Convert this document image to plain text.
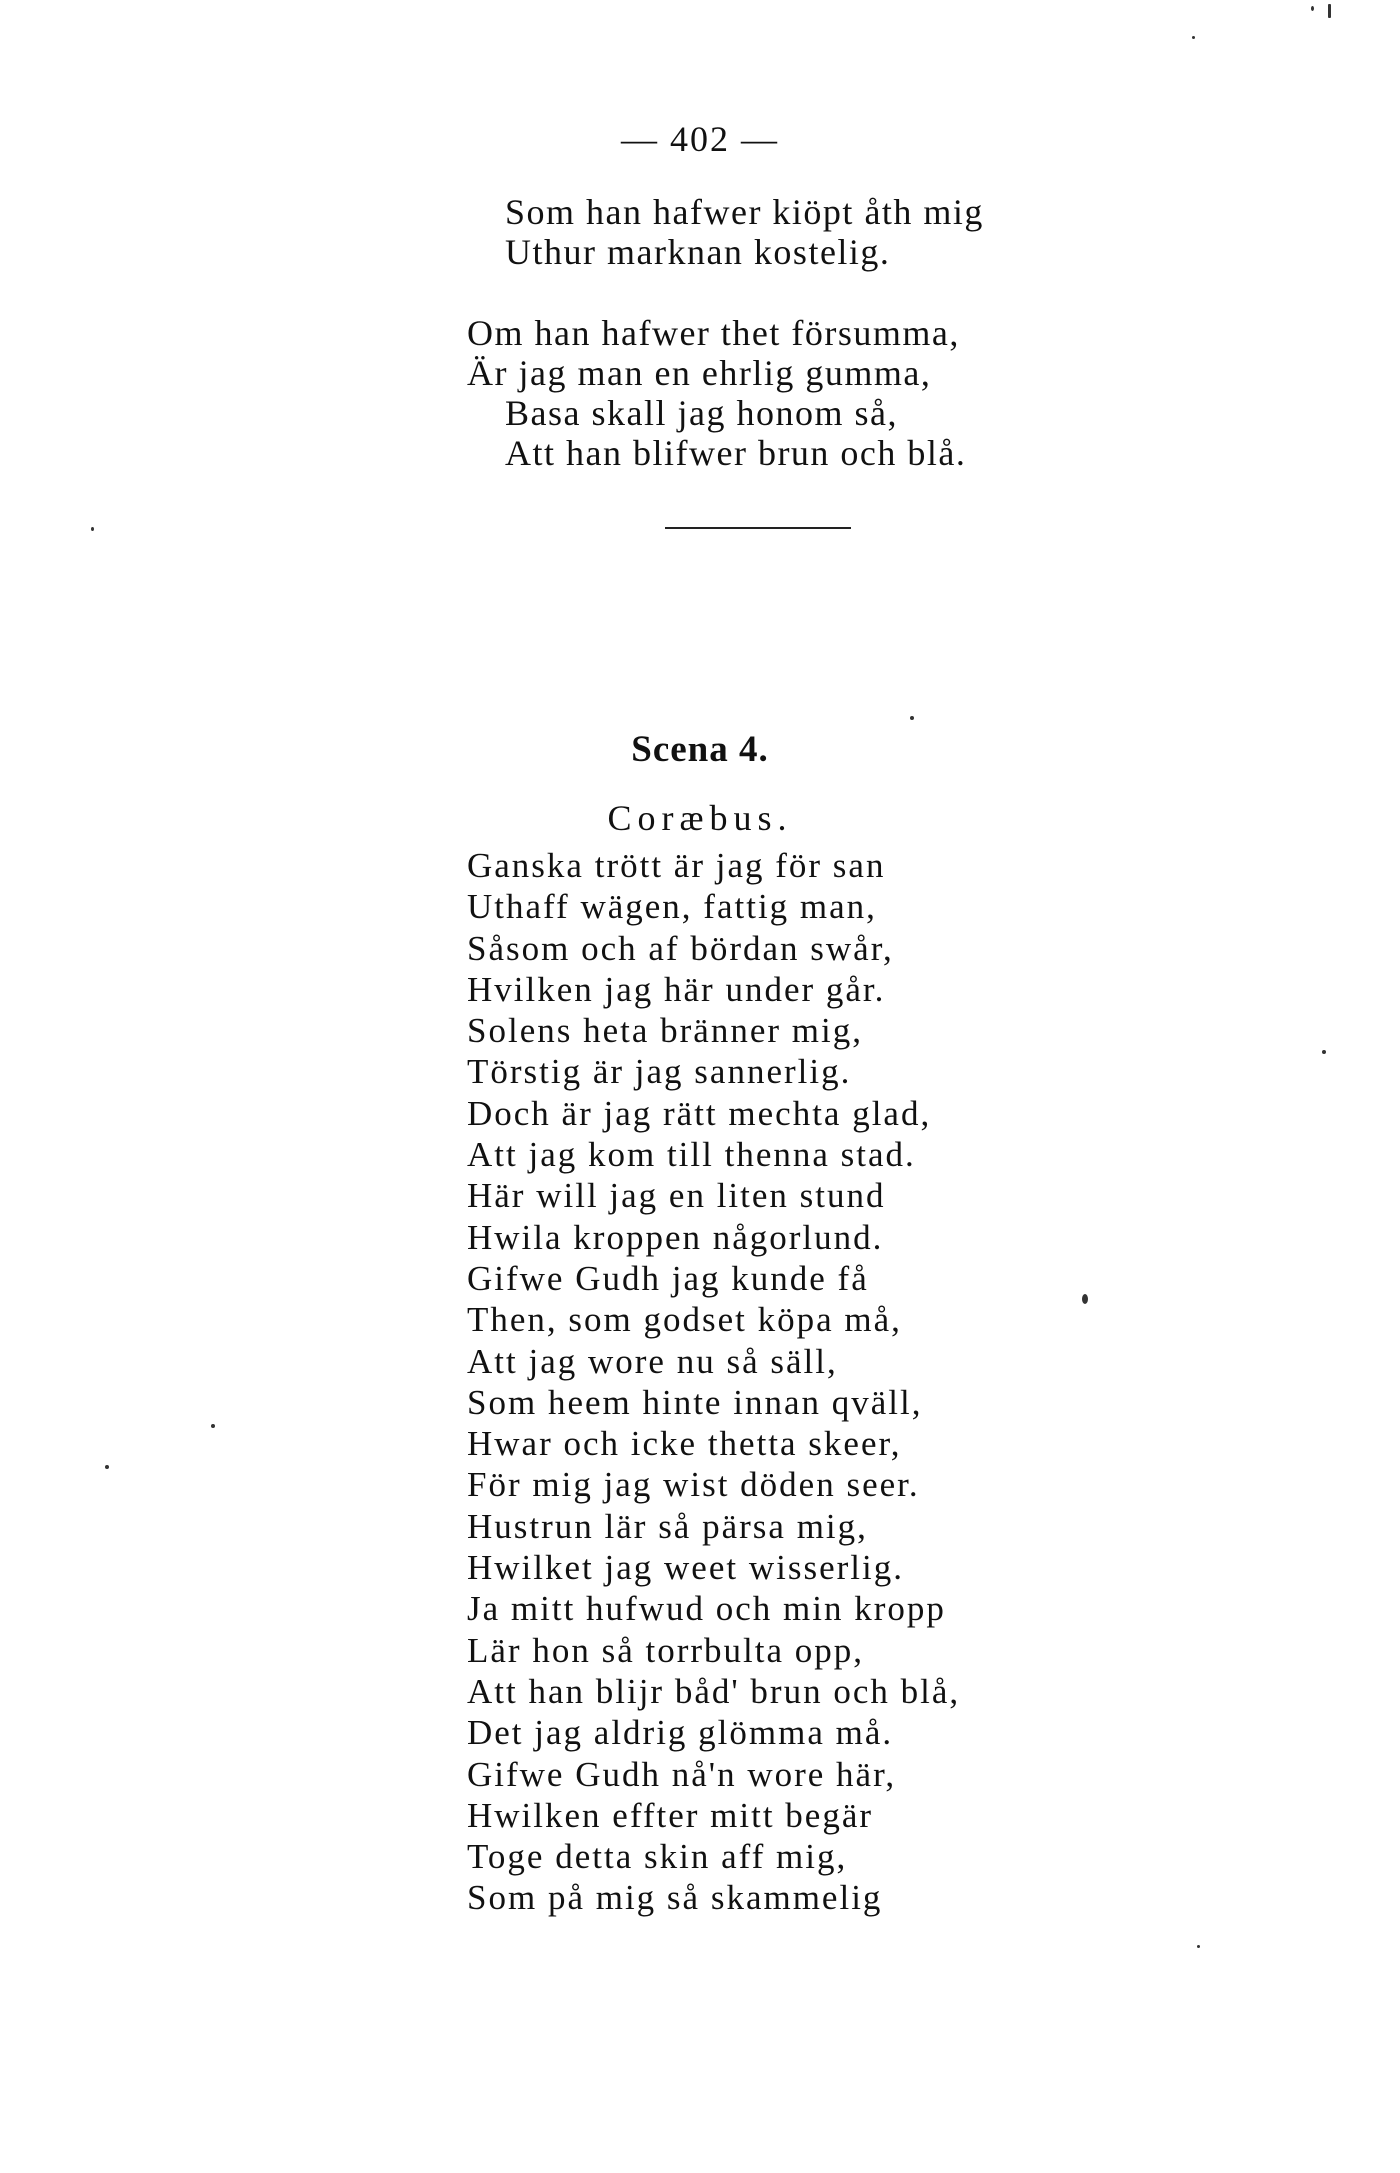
— 402 —
Som han hafwer kiöpt åth mig
Uthur marknan kostelig.
Om han hafwer thet försumma,
Är jag man en ehrlig gumma,
Basa skall jag honom så,
Att han blifwer brun och blå.
Scena 4.
Coræbus.
Ganska trött är jag för san
Uthaff wägen, fattig man,
Såsom och af bördan swår,
Hvilken jag här under går.
Solens heta bränner mig,
Törstig är jag sannerlig.
Doch är jag rätt mechta glad,
Att jag kom till thenna stad.
Här will jag en liten stund
Hwila kroppen någorlund.
Gifwe Gudh jag kunde få
Then, som godset köpa må,
Att jag wore nu så säll,
Som heem hinte innan qväll,
Hwar och icke thetta skeer,
För mig jag wist döden seer.
Hustrun lär så pärsa mig,
Hwilket jag weet wisserlig.
Ja mitt hufwud och min kropp
Lär hon så torrbulta opp,
Att han blijr båd' brun och blå,
Det jag aldrig glömma må.
Gifwe Gudh nå'n wore här,
Hwilken effter mitt begär
Toge detta skin aff mig,
Som på mig så skammelig
